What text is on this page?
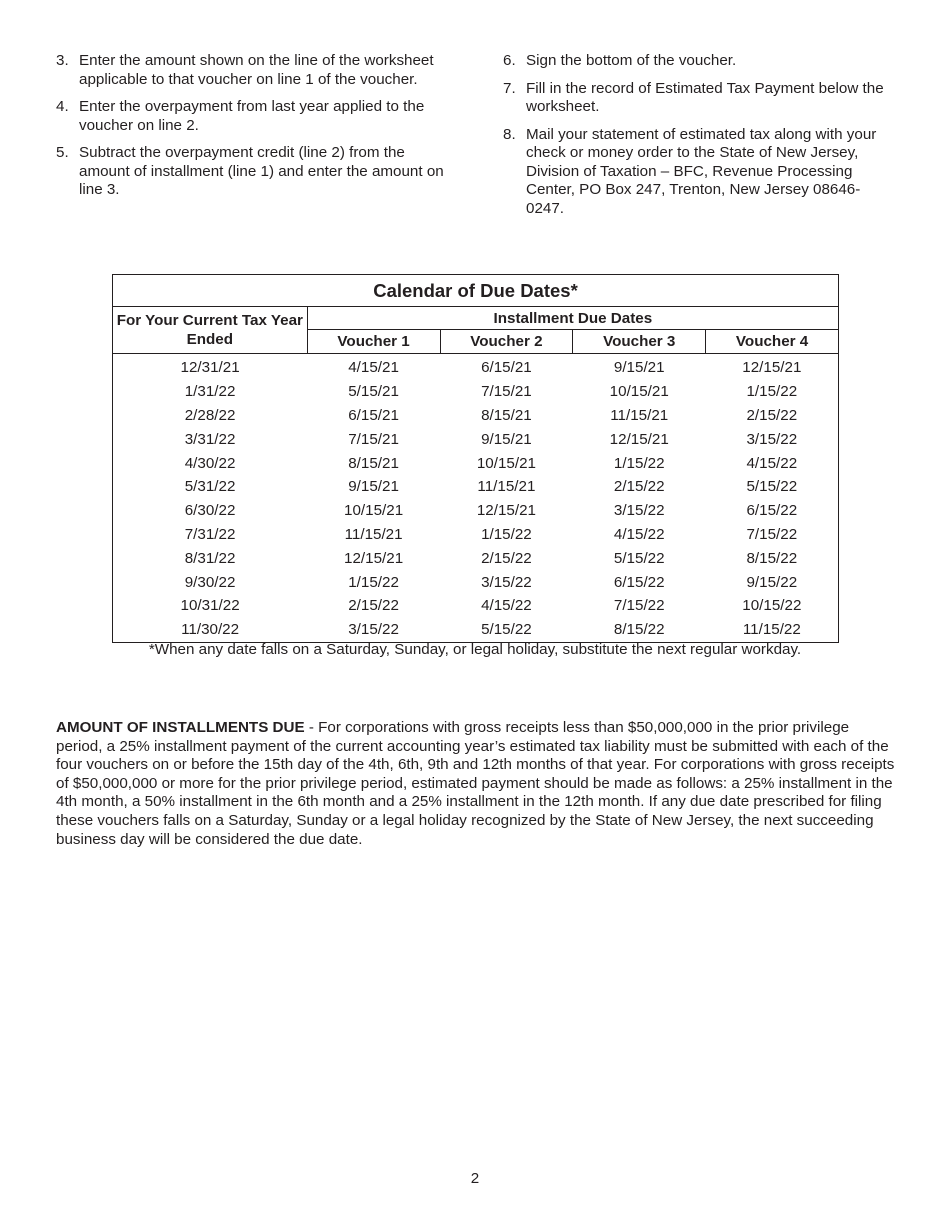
3. Enter the amount shown on the line of the worksheet applicable to that voucher on line 1 of the voucher.
4. Enter the overpayment from last year applied to the voucher on line 2.
5. Subtract the overpayment credit (line 2) from the amount of installment (line 1) and enter the amount on line 3.
6. Sign the bottom of the voucher.
7. Fill in the record of Estimated Tax Payment below the worksheet.
8. Mail your statement of estimated tax along with your check or money order to the State of New Jersey, Division of Taxation – BFC, Revenue Processing Center, PO Box 247, Trenton, New Jersey 08646-0247.
Calendar of Due Dates*				
For Your Current Tax Year Ended	Installment Due Dates			
	Voucher 1	Voucher 2	Voucher 3	Voucher 4
12/31/21	4/15/21	6/15/21	9/15/21	12/15/21
1/31/22	5/15/21	7/15/21	10/15/21	1/15/22
2/28/22	6/15/21	8/15/21	11/15/21	2/15/22
3/31/22	7/15/21	9/15/21	12/15/21	3/15/22
4/30/22	8/15/21	10/15/21	1/15/22	4/15/22
5/31/22	9/15/21	11/15/21	2/15/22	5/15/22
6/30/22	10/15/21	12/15/21	3/15/22	6/15/22
7/31/22	11/15/21	1/15/22	4/15/22	7/15/22
8/31/22	12/15/21	2/15/22	5/15/22	8/15/22
9/30/22	1/15/22	3/15/22	6/15/22	9/15/22
10/31/22	2/15/22	4/15/22	7/15/22	10/15/22
11/30/22	3/15/22	5/15/22	8/15/22	11/15/22
*When any date falls on a Saturday, Sunday, or legal holiday, substitute the next regular workday.

AMOUNT OF INSTALLMENTS DUE - For corporations with gross receipts less than $50,000,000 in the prior privilege period, a 25% installment payment of the current accounting year’s estimated tax liability must be submitted with each of the four vouchers on or before the 15th day of the 4th, 6th, 9th and 12th months of that year. For corporations with gross receipts of $50,000,000 or more for the prior privilege period, estimated payment should be made as follows: a 25% installment in the 4th month, a 50% installment in the 6th month and a 25% installment in the 12th month. If any due date prescribed for filing these vouchers falls on a Saturday, Sunday or a legal holiday recognized by the State of New Jersey, the next succeeding business day will be considered the due date.

2
